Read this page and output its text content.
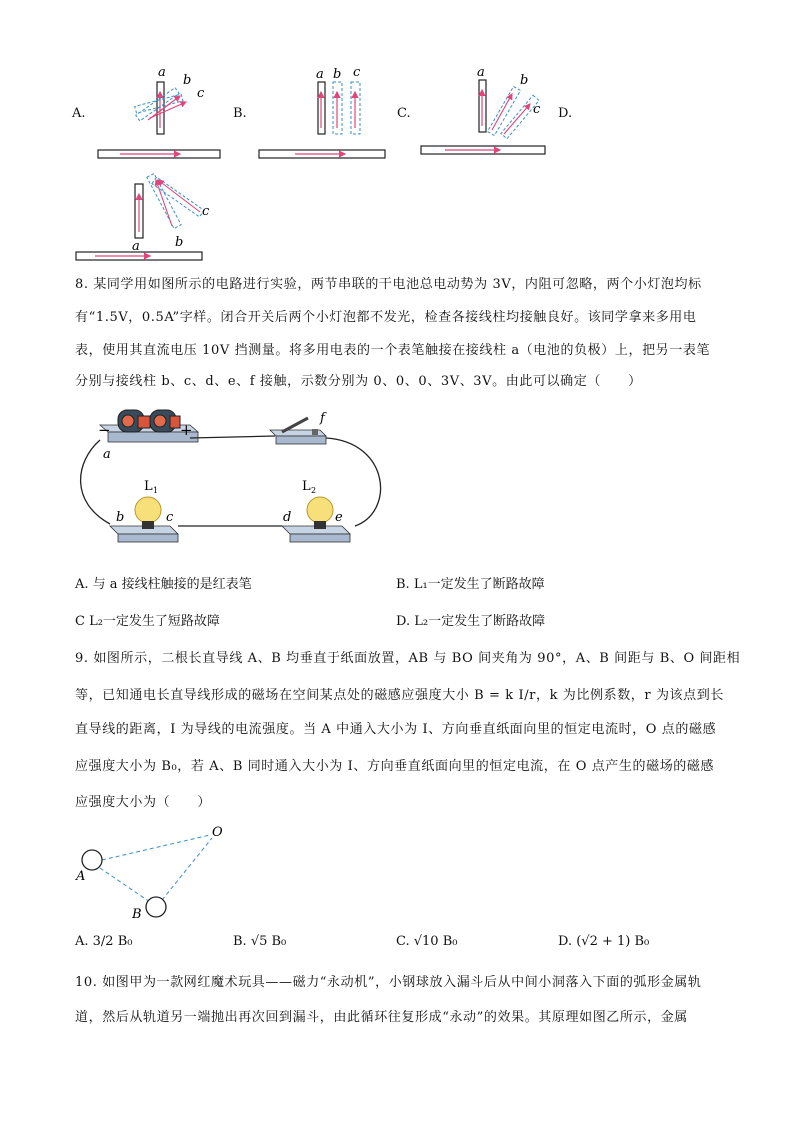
A.	B.	C.	D.
a
b
c
a b c	a
b
c
a	b
c
8. 某同学用如图所示的电路进行实验，两节串联的干电池总电动势为 3V，内阻可忽略，两个小灯泡均标
有“1.5V，0.5A”字样。闭合开关后两个小灯泡都不发光，检查各接线柱均接触良好。该同学拿来多用电
表，使用其直流电压 10V 挡测量。将多用电表的一个表笔触接在接线柱 a（电池的负极）上，把另一表笔
分别与接线柱 b、c、d、e、f 接触，示数分别为 0、0、0、3V、3V。由此可以确定（　　）
−	+
a
f
L 1
b	c
L 2
d	e
A. 与 a 接线柱触接的是红表笔	B. L₁一定发生了断路故障
C L₂一定发生了短路故障	D. L₂一定发生了断路故障
9. 如图所示，二根长直导线 A、B 均垂直于纸面放置，AB 与 BO 间夹角为 90°，A、B 间距与 B、O 间距相
等，已知通电长直导线形成的磁场在空间某点处的磁感应强度大小 B = k I/r，k 为比例系数，r 为该点到长
直导线的距离，I 为导线的电流强度。当 A 中通入大小为 I、方向垂直纸面向里的恒定电流时，O 点的磁感
应强度大小为 B₀，若 A、B 同时通入大小为 I、方向垂直纸面向里的恒定电流，在 O 点产生的磁场的磁感
应强度大小为（　　）
A
B
O
A. 3/2 B₀	B. √5 B₀	C. √10 B₀	D. (√2 + 1) B₀
10. 如图甲为一款网红魔术玩具——磁力“永动机”，小钢球放入漏斗后从中间小洞落入下面的弧形金属轨
道，然后从轨道另一端抛出再次回到漏斗，由此循环往复形成“永动”的效果。其原理如图乙所示，金属
